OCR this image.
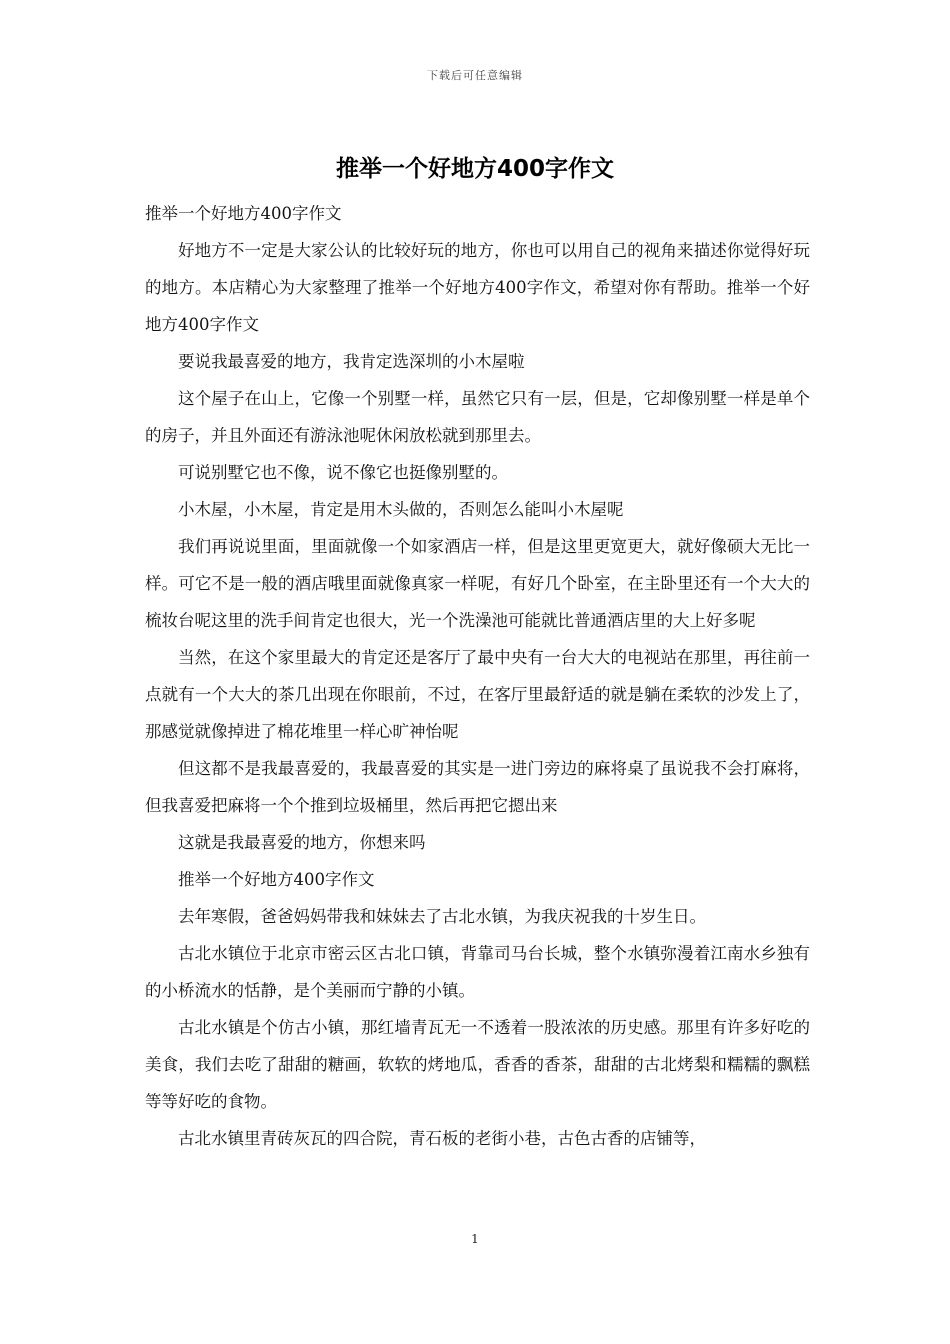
下载后可任意编辑
推举一个好地方400字作文

推举一个好地方400字作文

好地方不一定是大家公认的比较好玩的地方，你也可以用自己的视角来描述你觉得好玩的地方。本店精心为大家整理了推举一个好地方400字作文，希望对你有帮助。推举一个好地方400字作文

要说我最喜爱的地方，我肯定选深圳的小木屋啦

这个屋子在山上，它像一个别墅一样，虽然它只有一层，但是，它却像别墅一样是单个的房子，并且外面还有游泳池呢休闲放松就到那里去。

可说别墅它也不像，说不像它也挺像别墅的。

小木屋，小木屋，肯定是用木头做的，否则怎么能叫小木屋呢

我们再说说里面，里面就像一个如家酒店一样，但是这里更宽更大，就好像硕大无比一样。可它不是一般的酒店哦里面就像真家一样呢，有好几个卧室，在主卧里还有一个大大的梳妆台呢这里的洗手间肯定也很大，光一个洗澡池可能就比普通酒店里的大上好多呢

当然，在这个家里最大的肯定还是客厅了最中央有一台大大的电视站在那里，再往前一点就有一个大大的茶几出现在你眼前，不过，在客厅里最舒适的就是躺在柔软的沙发上了，那感觉就像掉进了棉花堆里一样心旷神怡呢

但这都不是我最喜爱的，我最喜爱的其实是一进门旁边的麻将桌了虽说我不会打麻将，但我喜爱把麻将一个个推到垃圾桶里，然后再把它摁出来

这就是我最喜爱的地方，你想来吗

推举一个好地方400字作文

去年寒假，爸爸妈妈带我和妹妹去了古北水镇，为我庆祝我的十岁生日。

古北水镇位于北京市密云区古北口镇，背靠司马台长城，整个水镇弥漫着江南水乡独有的小桥流水的恬静，是个美丽而宁静的小镇。

古北水镇是个仿古小镇，那红墙青瓦无一不透着一股浓浓的历史感。那里有许多好吃的美食，我们去吃了甜甜的糖画，软软的烤地瓜，香香的香茶，甜甜的古北烤梨和糯糯的飘糕等等好吃的食物。

古北水镇里青砖灰瓦的四合院，青石板的老街小巷，古色古香的店铺等，

1
